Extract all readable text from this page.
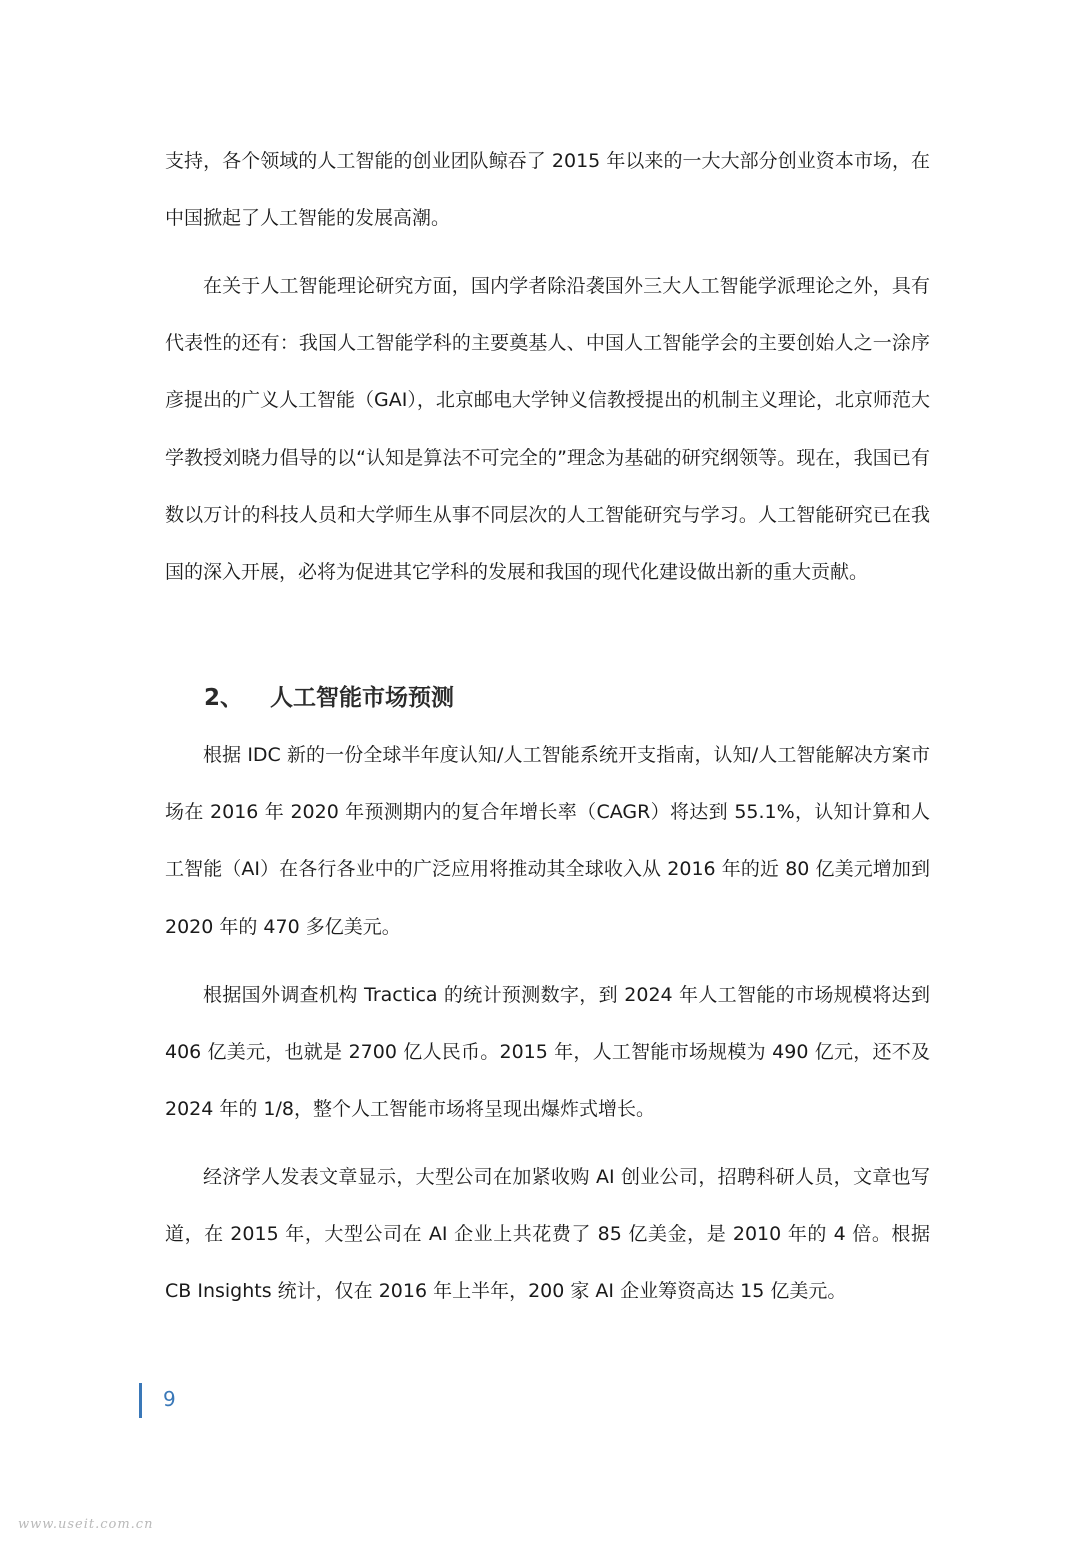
支持，各个领域的人工智能的创业团队鲸吞了 2015 年以来的一大大部分创业资本市场，在中国掀起了人工智能的发展高潮。

在关于人工智能理论研究方面，国内学者除沿袭国外三大人工智能学派理论之外，具有代表性的还有：我国人工智能学科的主要奠基人、中国人工智能学会的主要创始人之一涂序彦提出的广义人工智能（GAI），北京邮电大学钟义信教授提出的机制主义理论，北京师范大学教授刘晓力倡导的以“认知是算法不可完全的”理念为基础的研究纲领等。现在，我国已有数以万计的科技人员和大学师生从事不同层次的人工智能研究与学习。人工智能研究已在我国的深入开展，必将为促进其它学科的发展和我国的现代化建设做出新的重大贡献。

2、 人工智能市场预测

根据 IDC 新的一份全球半年度认知/人工智能系统开支指南，认知/人工智能解决方案市场在 2016 年 2020 年预测期内的复合年增长率（CAGR）将达到 55.1%，认知计算和人工智能（AI）在各行各业中的广泛应用将推动其全球收入从 2016 年的近 80 亿美元增加到 2020 年的 470 多亿美元。

根据国外调查机构 Tractica 的统计预测数字，到 2024 年人工智能的市场规模将达到 406 亿美元，也就是 2700 亿人民币。2015 年，人工智能市场规模为 490 亿元，还不及 2024 年的 1/8，整个人工智能市场将呈现出爆炸式增长。

经济学人发表文章显示，大型公司在加紧收购 AI 创业公司，招聘科研人员，文章也写道，在 2015 年，大型公司在 AI 企业上共花费了 85 亿美金，是 2010 年的 4 倍。根据 CB Insights 统计，仅在 2016 年上半年，200 家 AI 企业筹资高达 15 亿美元。

9
www.useit.com.cn
